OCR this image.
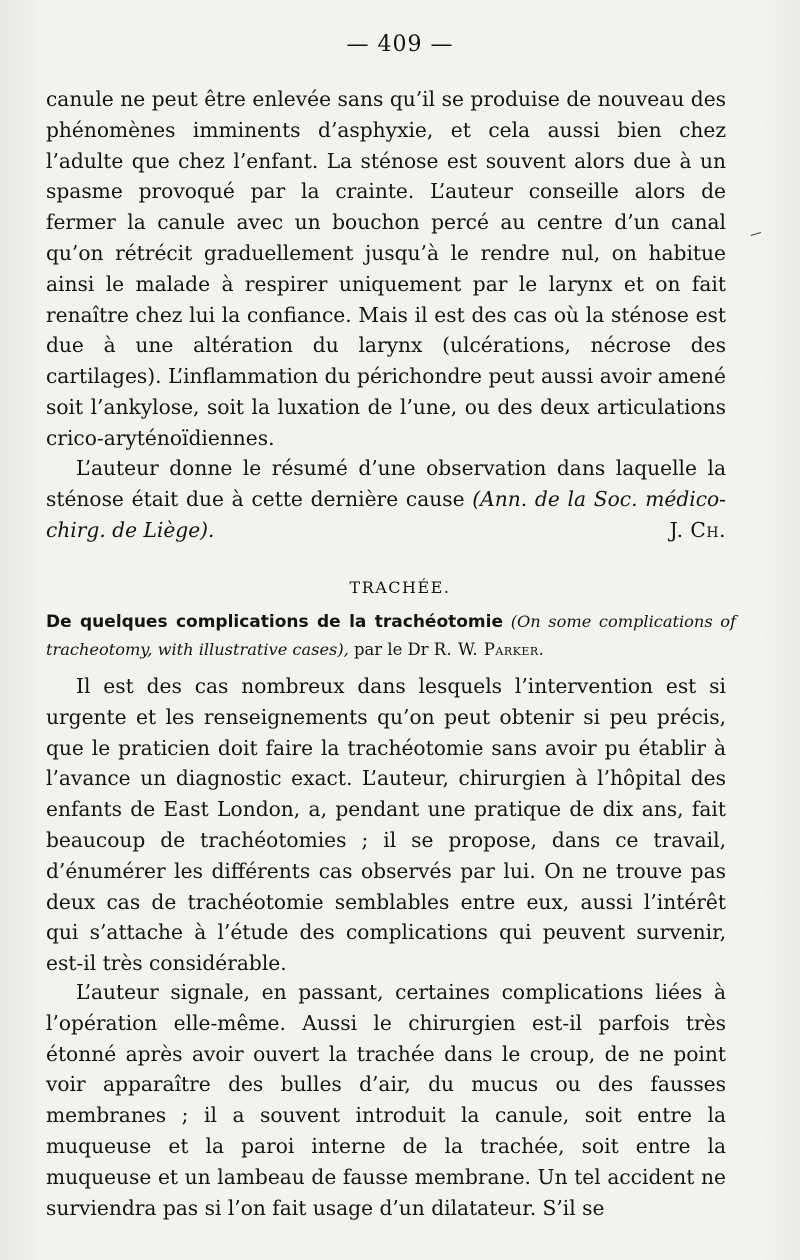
— 409 —
⸝

canule ne peut être enlevée sans qu’il se produise de nouveau des phénomènes imminents d’asphyxie, et cela aussi bien chez l’adulte que chez l’enfant. La sténose est souvent alors due à un spasme provoqué par la crainte. L’auteur conseille alors de fermer la canule avec un bouchon percé au centre d’un canal qu’on rétrécit graduellement jusqu’à le rendre nul, on habitue ainsi le malade à respirer uniquement par le larynx et on fait renaître chez lui la confiance. Mais il est des cas où la sténose est due à une altération du larynx (ulcérations, nécrose des cartilages). L’inflammation du périchondre peut aussi avoir amené soit l’ankylose, soit la luxation de l’une, ou des deux articulations crico-aryténoïdiennes.

L’auteur donne le résumé d’une observation dans laquelle la sténose était due à cette dernière cause (Ann. de la Soc. médico-chirg. de Liège).	J. Ch.

TRACHÉE.

De quelques complications de la trachéotomie (On some complications of tracheotomy, with illustrative cases), par le Dr R. W. Parker.

Il est des cas nombreux dans lesquels l’intervention est si urgente et les renseignements qu’on peut obtenir si peu précis, que le praticien doit faire la trachéotomie sans avoir pu établir à l’avance un diagnostic exact. L’auteur, chirurgien à l’hôpital des enfants de East London, a, pendant une pratique de dix ans, fait beaucoup de trachéotomies ; il se propose, dans ce travail, d’énumérer les différents cas observés par lui. On ne trouve pas deux cas de trachéotomie semblables entre eux, aussi l’intérêt qui s’attache à l’étude des complications qui peuvent survenir, est-il très considérable.

L’auteur signale, en passant, certaines complications liées à l’opération elle-même. Aussi le chirurgien est-il parfois très étonné après avoir ouvert la trachée dans le croup, de ne point voir apparaître des bulles d’air, du mucus ou des fausses membranes ; il a souvent introduit la canule, soit entre la muqueuse et la paroi interne de la trachée, soit entre la muqueuse et un lambeau de fausse membrane. Un tel accident ne surviendra pas si l’on fait usage d’un dilatateur. S’il se
